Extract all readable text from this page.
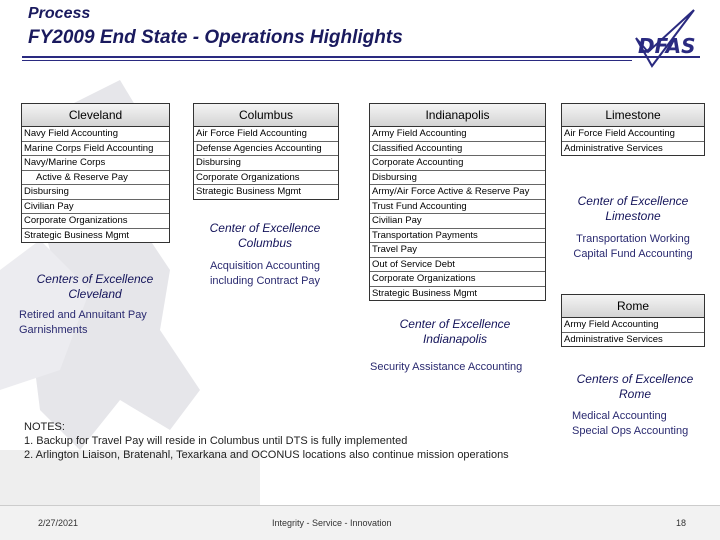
Process
FY2009 End State - Operations Highlights	DFAS
Cleveland
Navy Field Accounting
Marine Corps Field Accounting
Navy/Marine Corps
Active & Reserve Pay
Disbursing
Civilian Pay
Corporate Organizations
Strategic Business Mgmt
Centers of Excellence
Cleveland
Retired and Annuitant Pay
Garnishments
Columbus
Air Force Field Accounting
Defense Agencies Accounting
Disbursing
Corporate Organizations
Strategic Business Mgmt
Center of Excellence
Columbus
Acquisition Accounting
including Contract Pay
Indianapolis
Army Field Accounting
Classified Accounting
Corporate Accounting
Disbursing
Army/Air Force Active & Reserve Pay
Trust Fund Accounting
Civilian Pay
Transportation Payments
Travel Pay
Out of Service Debt
Corporate Organizations
Strategic Business Mgmt
Center of Excellence
Indianapolis
Security Assistance Accounting
Limestone
Air Force Field Accounting
Administrative Services
Center of Excellence
Limestone
Transportation Working
Capital Fund Accounting
Rome
Army Field Accounting
Administrative Services
Centers of Excellence
Rome
Medical Accounting
Special Ops Accounting
NOTES:
1. Backup for Travel Pay will reside in Columbus until DTS is fully implemented
2. Arlington Liaison, Bratenahl, Texarkana and OCONUS locations also continue mission operations
2/27/2021	Integrity - Service - Innovation	18
